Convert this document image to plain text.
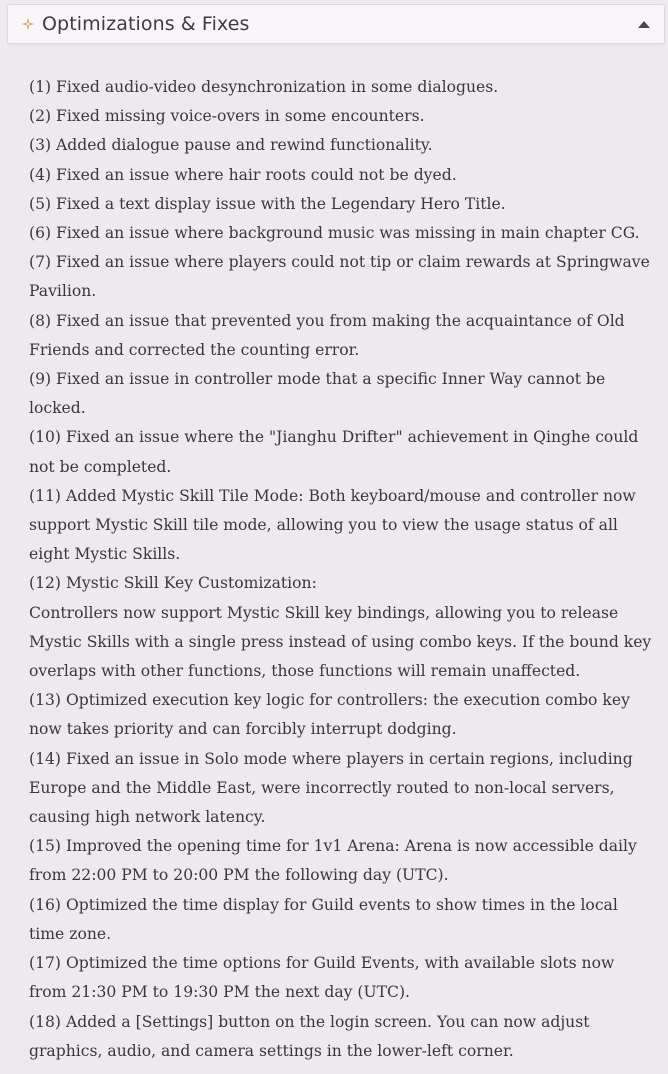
Optimizations & Fixes
(1) Fixed audio-video desynchronization in some dialogues.
(2) Fixed missing voice-overs in some encounters.
(3) Added dialogue pause and rewind functionality.
(4) Fixed an issue where hair roots could not be dyed.
(5) Fixed a text display issue with the Legendary Hero Title.
(6) Fixed an issue where background music was missing in main chapter CG.
(7) Fixed an issue where players could not tip or claim rewards at Springwave
Pavilion.
(8) Fixed an issue that prevented you from making the acquaintance of Old
Friends and corrected the counting error.
(9) Fixed an issue in controller mode that a specific Inner Way cannot be
locked.
(10) Fixed an issue where the "Jianghu Drifter" achievement in Qinghe could
not be completed.
(11) Added Mystic Skill Tile Mode: Both keyboard/mouse and controller now
support Mystic Skill tile mode, allowing you to view the usage status of all
eight Mystic Skills.
(12) Mystic Skill Key Customization:
Controllers now support Mystic Skill key bindings, allowing you to release
Mystic Skills with a single press instead of using combo keys. If the bound key
overlaps with other functions, those functions will remain unaffected.
(13) Optimized execution key logic for controllers: the execution combo key
now takes priority and can forcibly interrupt dodging.
(14) Fixed an issue in Solo mode where players in certain regions, including
Europe and the Middle East, were incorrectly routed to non-local servers,
causing high network latency.
(15) Improved the opening time for 1v1 Arena: Arena is now accessible daily
from 22:00 PM to 20:00 PM the following day (UTC).
(16) Optimized the time display for Guild events to show times in the local
time zone.
(17) Optimized the time options for Guild Events, with available slots now
from 21:30 PM to 19:30 PM the next day (UTC).
(18) Added a [Settings] button on the login screen. You can now adjust
graphics, audio, and camera settings in the lower-left corner.
